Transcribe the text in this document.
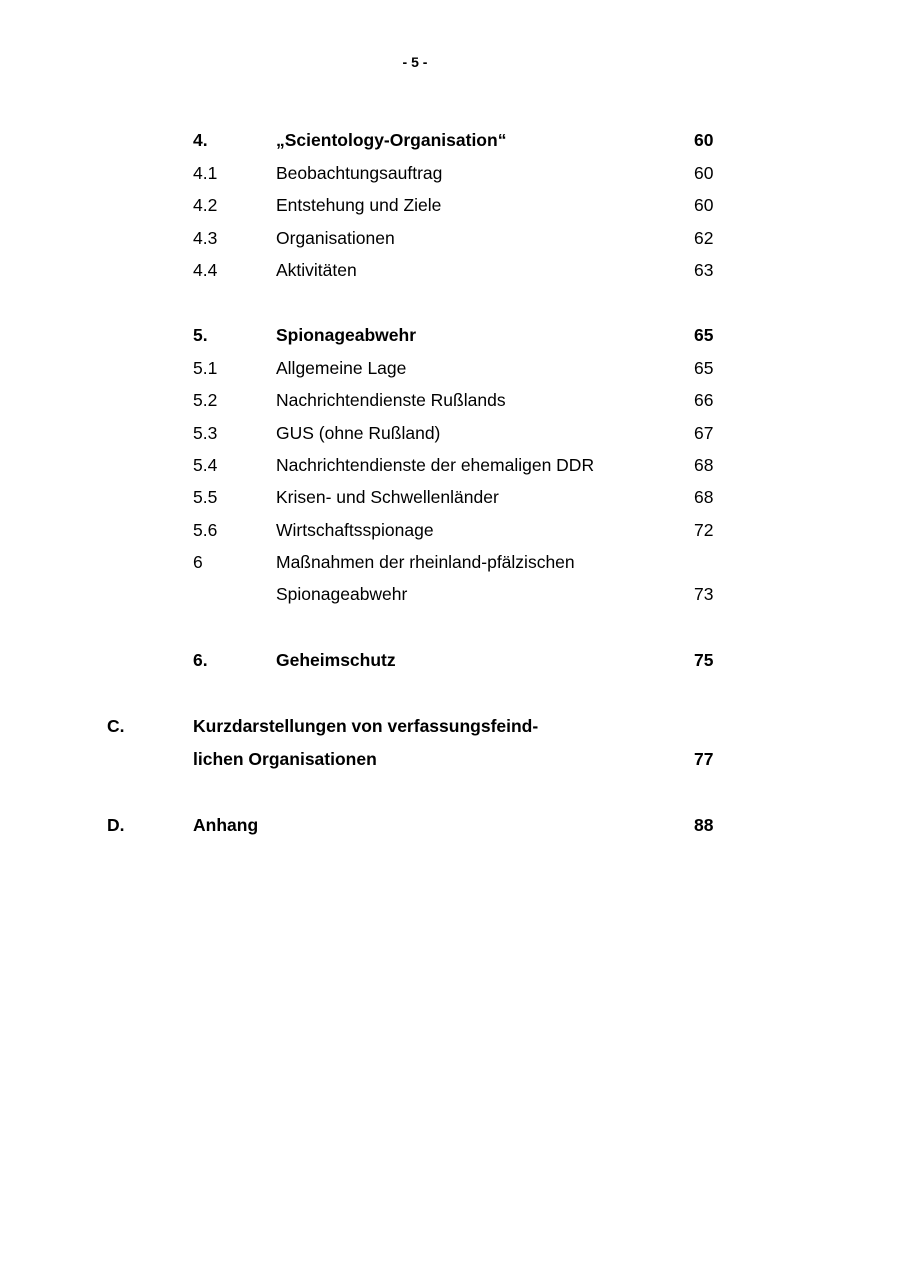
- 5 -
4.	„Scientology-Organisation“	60
4.1	Beobachtungsauftrag	60
4.2	Entstehung und Ziele	60
4.3	Organisationen	62
4.4	Aktivitäten	63
5.	Spionageabwehr	65
5.1	Allgemeine Lage	65
5.2	Nachrichtendienste Rußlands	66
5.3	GUS (ohne Rußland)	67
5.4	Nachrichtendienste der ehemaligen DDR	68
5.5	Krisen- und Schwellenländer	68
5.6	Wirtschaftsspionage	72
6	Maßnahmen der rheinland-pfälzischen
Spionageabwehr	73
6.	Geheimschutz	75
C.	Kurzdarstellungen von verfassungsfeind-
lichen Organisationen	77
D.	Anhang	88
